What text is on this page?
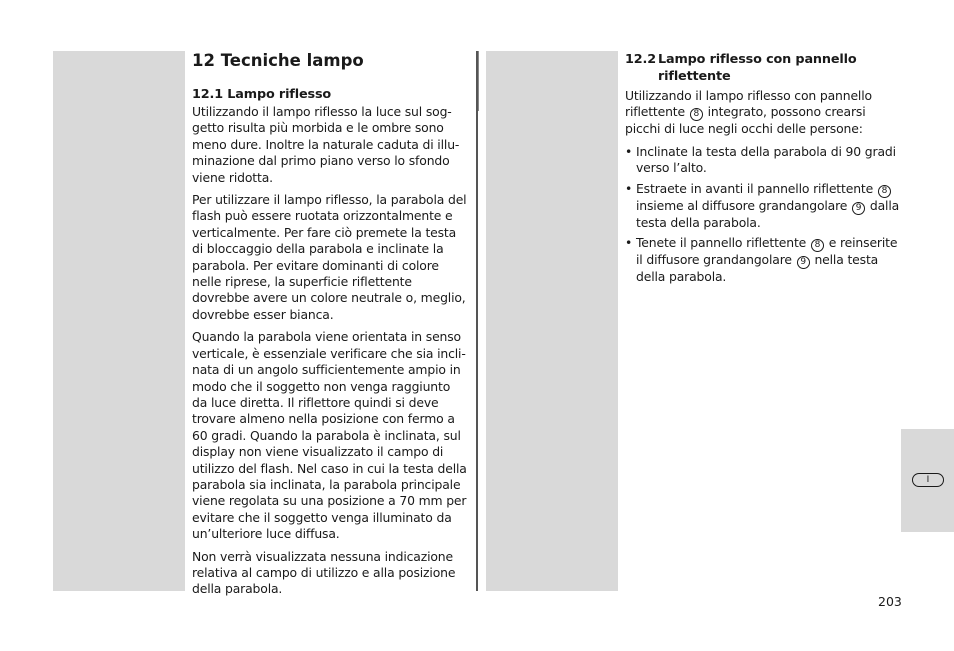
I
12 Tecniche lampo
12.1 Lampo riflesso

Utilizzando il lampo riflesso la luce sul sog-getto risulta più morbida e le ombre sono meno dure. Inoltre la naturale caduta di illu-minazione dal primo piano verso lo sfondo viene ridotta.

Per utilizzare il lampo riflesso, la parabola del flash può essere ruotata orizzontalmente e verticalmente. Per fare ciò premete la testa di bloccaggio della parabola e inclinate la parabola. Per evitare dominanti di colore nelle riprese, la superficie riflettente dovrebbe avere un colore neutrale o, meglio, dovrebbe esser bianca.

Quando la parabola viene orientata in senso verticale, è essenziale verificare che sia incli-nata di un angolo sufficientemente ampio in modo che il soggetto non venga raggiunto da luce diretta. Il riflettore quindi si deve trovare almeno nella posizione con fermo a 60 gradi. Quando la parabola è inclinata, sul display non viene visualizzato il campo di utilizzo del flash. Nel caso in cui la testa della parabola sia inclinata, la parabola principale viene regolata su una posizione a 70 mm per evitare che il soggetto venga illuminato da un’ulteriore luce diffusa.

Non verrà visualizzata nessuna indicazione relativa al campo di utilizzo e alla posizione della parabola.

12.2 Lampo riflesso con pannello
riflettente

Utilizzando il lampo riflesso con pannello riflettente 8 integrato, possono crearsi picchi di luce negli occhi delle persone:

• Inclinate la testa della parabola di 90 gradi verso l’alto.
• Estraete in avanti il pannello riflettente 8 insieme al diffusore grandangolare 9 dalla testa della parabola.
• Tenete il pannello riflettente 8 e reinserite il diffusore grandangolare 9 nella testa della parabola.
203
